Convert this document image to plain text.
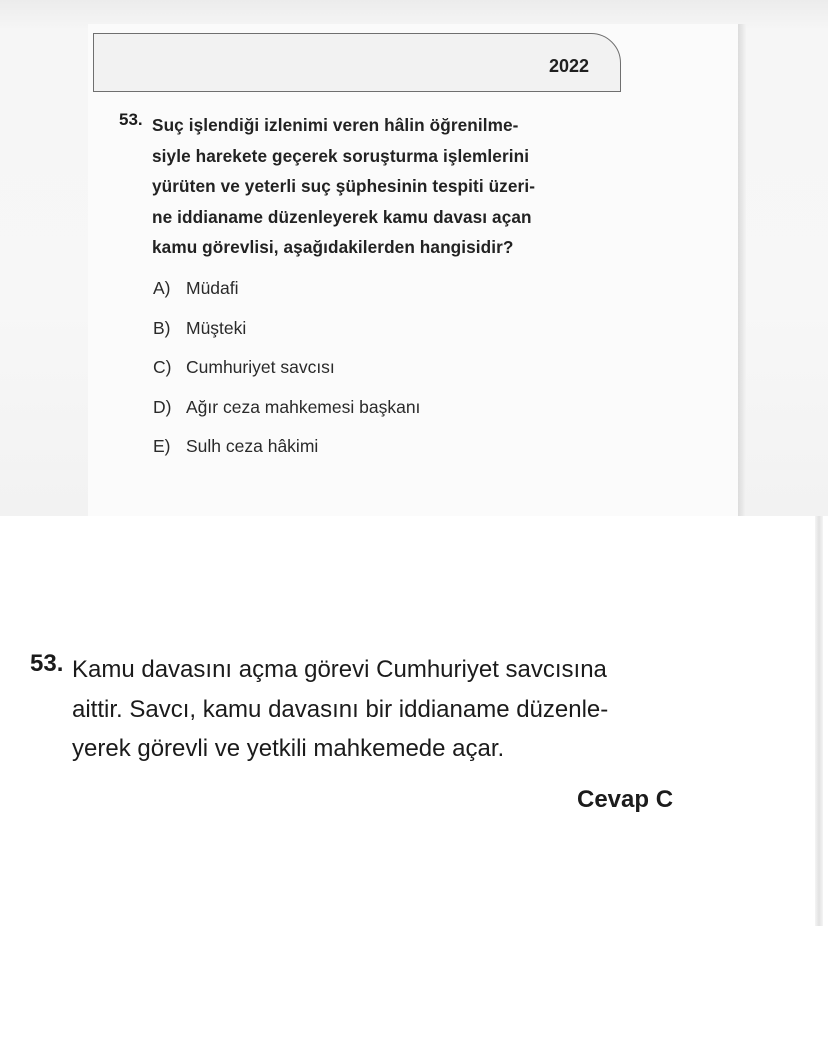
2022
53. Suç işlendiği izlenimi veren hâlin öğrenilme-
siyle harekete geçerek soruşturma işlemlerini
yürüten ve yeterli suç şüphesinin tespiti üzeri-
ne iddianame düzenleyerek kamu davası açan
kamu görevlisi, aşağıdakilerden hangisidir?
A) Müdafi
B) Müşteki
C) Cumhuriyet savcısı
D) Ağır ceza mahkemesi başkanı
E) Sulh ceza hâkimi
53. Kamu davasını açma görevi Cumhuriyet savcısına
aittir. Savcı, kamu davasını bir iddianame düzenle-
yerek görevli ve yetkili mahkemede açar.
Cevap C
